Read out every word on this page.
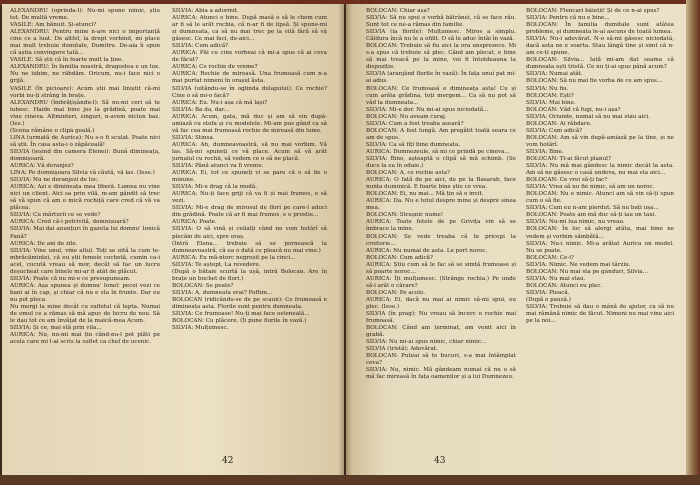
ALEXANDRU (oprinda-l): Nu-mi spune nimic, știu tot. De multă vreme.

VASILE: Am bănuit. Și-atunci?

ALEXANDRU: Pentru mine n-are nici o importanță cine ce a luat. De altfel, la drept vorbind, mi place mai mult trebuie dumitale, Dumitru. De-aia îi spun că aștia convingere tată...

VASILE: Să știi că în foarte mult la ține.

ALEXANDRU: În familia noastră, dragostea e un lux. Nu ne iubim, ne răbdăm. Oricum, nu-i face nici o grijă.

VASILE (în picioare): Acum știi mai liniștit că-mi vorbi nu-ți strâng în brațe.

ALEXANDRU (îmbrățișându-l): Să nu-mi ceri să te iubesc. Haide mai bine jos la grădină, poate mai vine cineva. Altminteri, singuri, n-avem niciun haz. (Ies.)

(Scena rămâne o clipă goală.)

LINA (urmată de Aurica): Nu s-o fi sculat. Poate nici să știi. În casa asta-i o zăpăceală!

SILVIA (ieșind din camera Elenei): Bună dimineața, domnișoară.

AURICA: Vă deranjez?

LINA: Pe domnișoara Silvia vă căută, vă las. (Iese.)

SILVIA: Nu ne deranjezi de loc.

AURICA: Azi e dimineața mea liberă. Lumea nu vine nici un client. Aici sa prin vilă, m-am gândit să trec să vă spun că am o mică rochiță care cred că vă va plăcea.

SILVIA: Cu mărturii ce se vede?

AURICA: Cred că-i potrivită, domnișoară?

SILVIA: Mai dai anunțuri în gazeta lui domnu' Ionică Pană?

AURICA: De ani de zile.

SILVIA: Vine unul, vine altul. Toți se uită la cum te-mbrăcămintei, că eu știi femeie cochetă, cumin ca-i acel, cucută vreau să mor, decât să fac un lucru deșucheat care binele mi-ar fi atât de plăcut.

SILVIA: Poate că nu mi-e ce presupuneam.

AURICA: Așa spunea și domnu' Ionel: pecei vezi ce bani ai în cap, și chiar că nu e sta în frunte. Dar eu nu pot pleca.

Nu mergi la mine decât cu sufletul că lupta. Numai de omul ce a rămas să mă apuc de lucru de nou. Să le dau tot ce am învățat de la maică-mea Acum.

SILVIA: Și ce, mai stă prin vila...

AURICA: Nu, nu-mi mai țin când-nu-l pot plăti pe acela care mi l-ai scris la suflet ca chef de ucenic.

SILVIA: Abia a adormit.

AURICA: Atunci e bine. După masă o să le chem cum ar fi să le arăt rochia, că n-ar fi de lipsă. Și spune-mi și dumneata, ca să nu mai trec pe la vilă fără să vă găsesc. Ce mai faci, de-aici...

SILVIA: Cum adică?

AURICA: Păi cu cine vorbeai că mi-a spus că ai ceva de făcut?

AURICA: Ce rochie de vreme?

AURICA: Rochie de mireasă. Una frumoasă cum n-a mai purtat nimeni în orașul ăsta.

SILVIA (uitându-se în oglinda dulapului): Ce rochie? Cine o să mi-o facă?

AURICA: Eu. Nu-i așa că mă lași?

SILVIA: Ba da, dar...

AURICA: Acum, gata, mă duc și am să vin după-amiază cu stofa și cu modelele. Mi-am pus gând ca să vă fac cea mai frumoasă rochie de mireasă din lume.

SILVIA: Stinsa.

AURICA: Ah, dumneavoastră, să nu mai vorbim. Vă las. Să-mi spuneți ce vă place. Acum să vă arăt jurnalul cu rochii, să vedem ce o să ne placă.

SILVIA: Până atunci va fi vreme.

AURICA: Ei, tot ce spuneți vi se pare că o să fie o minune.

SILVIA: Mi-e drag că la modă.

AURICA: Nu-ți face griji că va fi și mai frumos, o să vezi.

SILVIA: Mi-e drag de mirosul de flori pe care-l aduci din grădină. Poate că ar fi mai frumos, e o prostie...

AURICA: Poate.

SILVIA: O să vină și ceilalți când ne vom hotărî să plecăm de aici, spre oraș.

(Intră Elena... trebuie să se pornească la dumneavoastră, că ea o dată ce pleacă nu mai vine.)

AURICA: Eu mă-ntorc negreșit pe la cinci...

SILVIA: Te aștept. La revedere.

(După o bătaie scurtă la ușă, intră Bolocan. Are în brațe un buchet de flori.)

BOLOCAN: Se poate?

SILVIA: A, dumneata erai? Poftim...

BOLOCAN (ridicându-se de pe scaun): Ce frumoasă e dimineața asta. Florile sunt pentru dumneata.

SILVIA: Ce frumoase! Nu-ți mai face osteneală...

BOLOCAN: Cu plăcere. (Îi pune florile în vază.)

SILVIA: Mulțumesc.

42

BOLOCAN: Chiar așa?

SILVIA: Să nu spui o vorbă bătrânei, că se face rău. Sunt tot ce ne-a rămas din familie.

SILVIA (ia florile): Mulțumesc. Miros a simplu. Căldura încă nu le a ofilit. O să le aduc întâi în vază.

BOLOCAN: Trebuie să fiu aici la ora unsprezece. Mi s-a spus că trebuie să plec. Când am plecat, e bine să mai treacă pe la mine, voi fi întotdeauna la dispoziție.

SILVIA (aranjând florile în vază): În fața unui pat mi-ai adus.

BOLOCAN: Ce frumoasă e dimineața asta! Cu și cum arăta grădina, toți mergem... Ca să nu pot să văd la dumneata...

SILVIA: Mi-e dor. Nu mi-ai spus niciodată...

BOLOCAN: Nu aveam curaj.

SILVIA: Cum a fost treaba aseară?

BOLOCAN: A fost lungă. Am pregătit toată seara ce am de spus.

SILVIA: Ca să fiți bine dumneata.

AURICA: Dumnezeule, să mi ce prindă pe cineva...

SILVIA: Bine, așteaptă o clipă să mă schimb. (Se duce la ea în odaie.)

BOLOCAN: A, ce rochie asta?

AURICA: O fată de pe aici, de pe la Basarab, face nunta duminică. E foarte bine știe ce vrea.

BOLOCAN: Ei, nu mai... Mă țin să o invit.

AURICA: Da. Nu e totul despre mine și despre sinea mea.

BOLOCAN: Strașnic nume!

AURICA: Toate fetele de pe Grivița vin să se îmbrace la mine.

BOLOCAN: Se vede treaba că te pricepi la croitorie...

AURICA: Nu numai de asta. Le port noroc.

BOLOCAN: Cum adică?

AURICA: Știu cum să le fac să se simtă frumoase și să poarte noroc...

AURICA: Îți mulțumesc. (Strânge rochia.) Pe unde să-i arăt o cărare?

BOLOCAN: Pe acolo.

AURICA: Ei, dacă nu mai ai nimic să-mi spui, eu plec. (Iese.)

SILVIA (în prag): Nu vreau să încerc o rochie mai frumoasă.

BOLOCAN: Când am terminat, am venit aici în grabă.

SILVIA: Nu mi-ai spus nimic, chiar nimic...

SILVIA (tristă): Adevărat.

BOLOCAN: Puteai să te bucuri, s-a mai întâmplat ceva?

SILVIA: Nu, nimic. Mă gândeam numai că nu o să mă fac mireasă în fața oamenilor și a lui Dumnezeu.

BOLOCAN: Flencari băieții! Și de ce n-ai spus?

SILVIA: Pentru că nu e bine...

BOLOCAN: În familia dumitale sunt atâtea probleme, și dumneata le-ai ascuns de toată lumea.

SILVIA: Nu-i adevărat. N-o să-mi găsesc niciodată, dacă asta ne e soarta. Stau lângă tine și simt că n-am ce-ți spune.

BOLOCAN: Silvia... Iată mi-am dat seama că dumneata ești tristă. Ce nu ți-ai spus până acum?

SILVIA: Numai atât.

BOLOCAN: Să nu mai fie vorba de ce am spus...

SILVIA: Nu fiu.

BOLOCAN: Ești?

SILVIA: Mai bine.

BOLOCAN: Văd că fugi, nu-i așa?

SILVIA: Oriunde, numai să nu mai stau aici.

BOLOCAN: Ai răbdare.

SILVIA: Cum adică?

BOLOCAN: Am să vin după-amiază pe la tine, și ne vom hotărî.

SILVIA: Bine.

BOLOCAN: Ți-ai făcut planul?

SILVIA: Nu mă mai gândesc la nimic decât la asta. Am să ne găsesc o casă undeva, nu mai sta aici...

BOLOCAN: Ce vrei să-ți fac?

SILVIA: Vrea să nu fie nimic, să am un noroc.

BOLOCAN: Nu e nimic. Atunci am să vin să-ți spun cum o să fie.

SILVIA: Cum eu n-am pierdut. Să nu bați ușa...

BOLOCAN: Poate am mă duc să-ți iau un taxi.

SILVIA: Nu-mi lua nimic, nu vreau.

BOLOCAN: În loc să alergi atâta, mai bine ne vedem și vorbim sâmbătă...

SILVIA: Nu-i nimic. Mi-a arătat Aurica un model. Nu se poate.

BOLOCAN: Ce-i?

SILVIA: Nimic. Ne vedem mai târziu.

BOLOCAN: Nu mai sta pe gânduri, Silvia...

SILVIA: Nu mai stau.

BOLOCAN: Atunci eu plec.

SILVIA: Pleacă.

(După o pauză.)

SILVIA: Trebuie să dau o mână de ajutor, ca să nu mai rămână nimic de făcut. Nimeni nu mai vine aici pe la noi...

43
